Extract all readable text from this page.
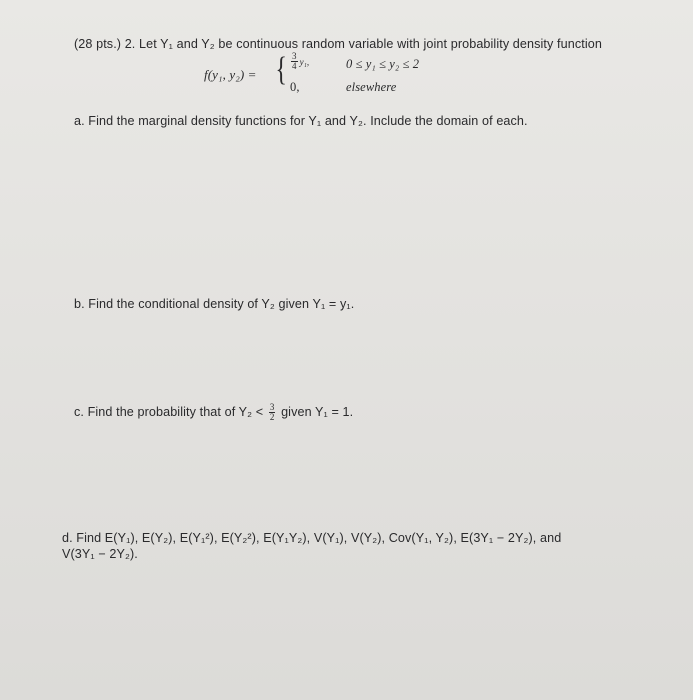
(28 pts.) 2. Let Y₁ and Y₂ be continuous random variable with joint probability density function
f(y₁, y₂) = { $\frac{3}{4} y_1$,	0 ≤ y₁ ≤ y₂ ≤ 2
0,	elsewhere
a. Find the marginal density functions for Y₁ and Y₂. Include the domain of each.
b. Find the conditional density of Y₂ given Y₁ = y₁.
c. Find the probability that of $Y_2 < \frac{3}{2}$ given Y₁ = 1.
d. Find E(Y₁), E(Y₂), E(Y₁²), E(Y₂²), E(Y₁Y₂), V(Y₁), V(Y₂), Cov(Y₁, Y₂), E(3Y₁ − 2Y₂), and
V(3Y₁ − 2Y₂).
